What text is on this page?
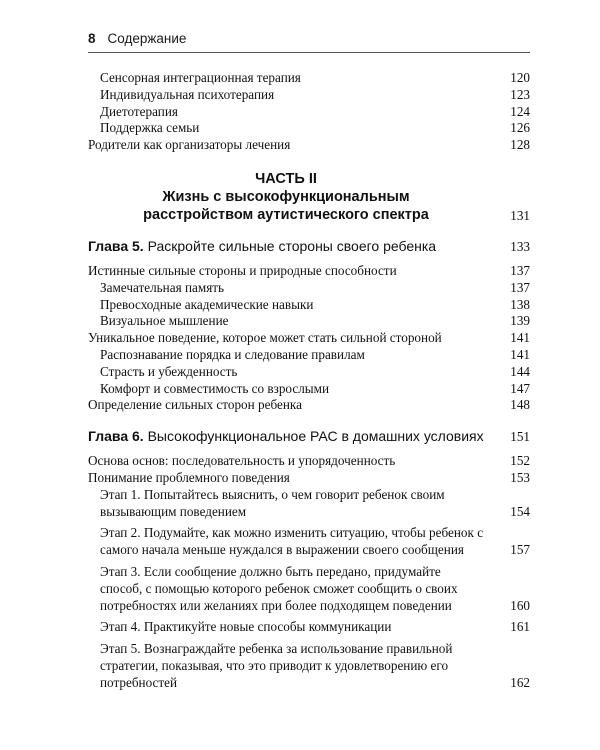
8 Содержание
Сенсорная интеграционная терапия	120
Индивидуальная психотерапия	123
Диетотерапия	124
Поддержка семьи	126
Родители как организаторы лечения	128
ЧАСТЬ II
Жизнь с высокофункциональным
расстройством аутистического спектра	131
Глава 5. Раскройте сильные стороны своего ребенка	133
Истинные сильные стороны и природные способности	137
Замечательная память	137
Превосходные академические навыки	138
Визуальное мышление	139
Уникальное поведение, которое может стать сильной стороной	141
Распознавание порядка и следование правилам	141
Страсть и убежденность	144
Комфорт и совместимость со взрослыми	147
Определение сильных сторон ребенка	148
Глава 6. Высокофункциональное РАС в домашних условиях	151
Основа основ: последовательность и упорядоченность	152
Понимание проблемного поведения	153
Этап 1. Попытайтесь выяснить, о чем говорит ребенок своим вызывающим поведением	154
Этап 2. Подумайте, как можно изменить ситуацию, чтобы ребенок с самого начала меньше нуждался в выражении своего сообщения	157
Этап 3. Если сообщение должно быть передано, придумайте способ, с помощью которого ребенок сможет сообщить о своих потребностях или желаниях при более подходящем поведении	160
Этап 4. Практикуйте новые способы коммуникации	161
Этап 5. Вознаграждайте ребенка за использование правильной стратегии, показывая, что это приводит к удовлетворению его потребностей	162
